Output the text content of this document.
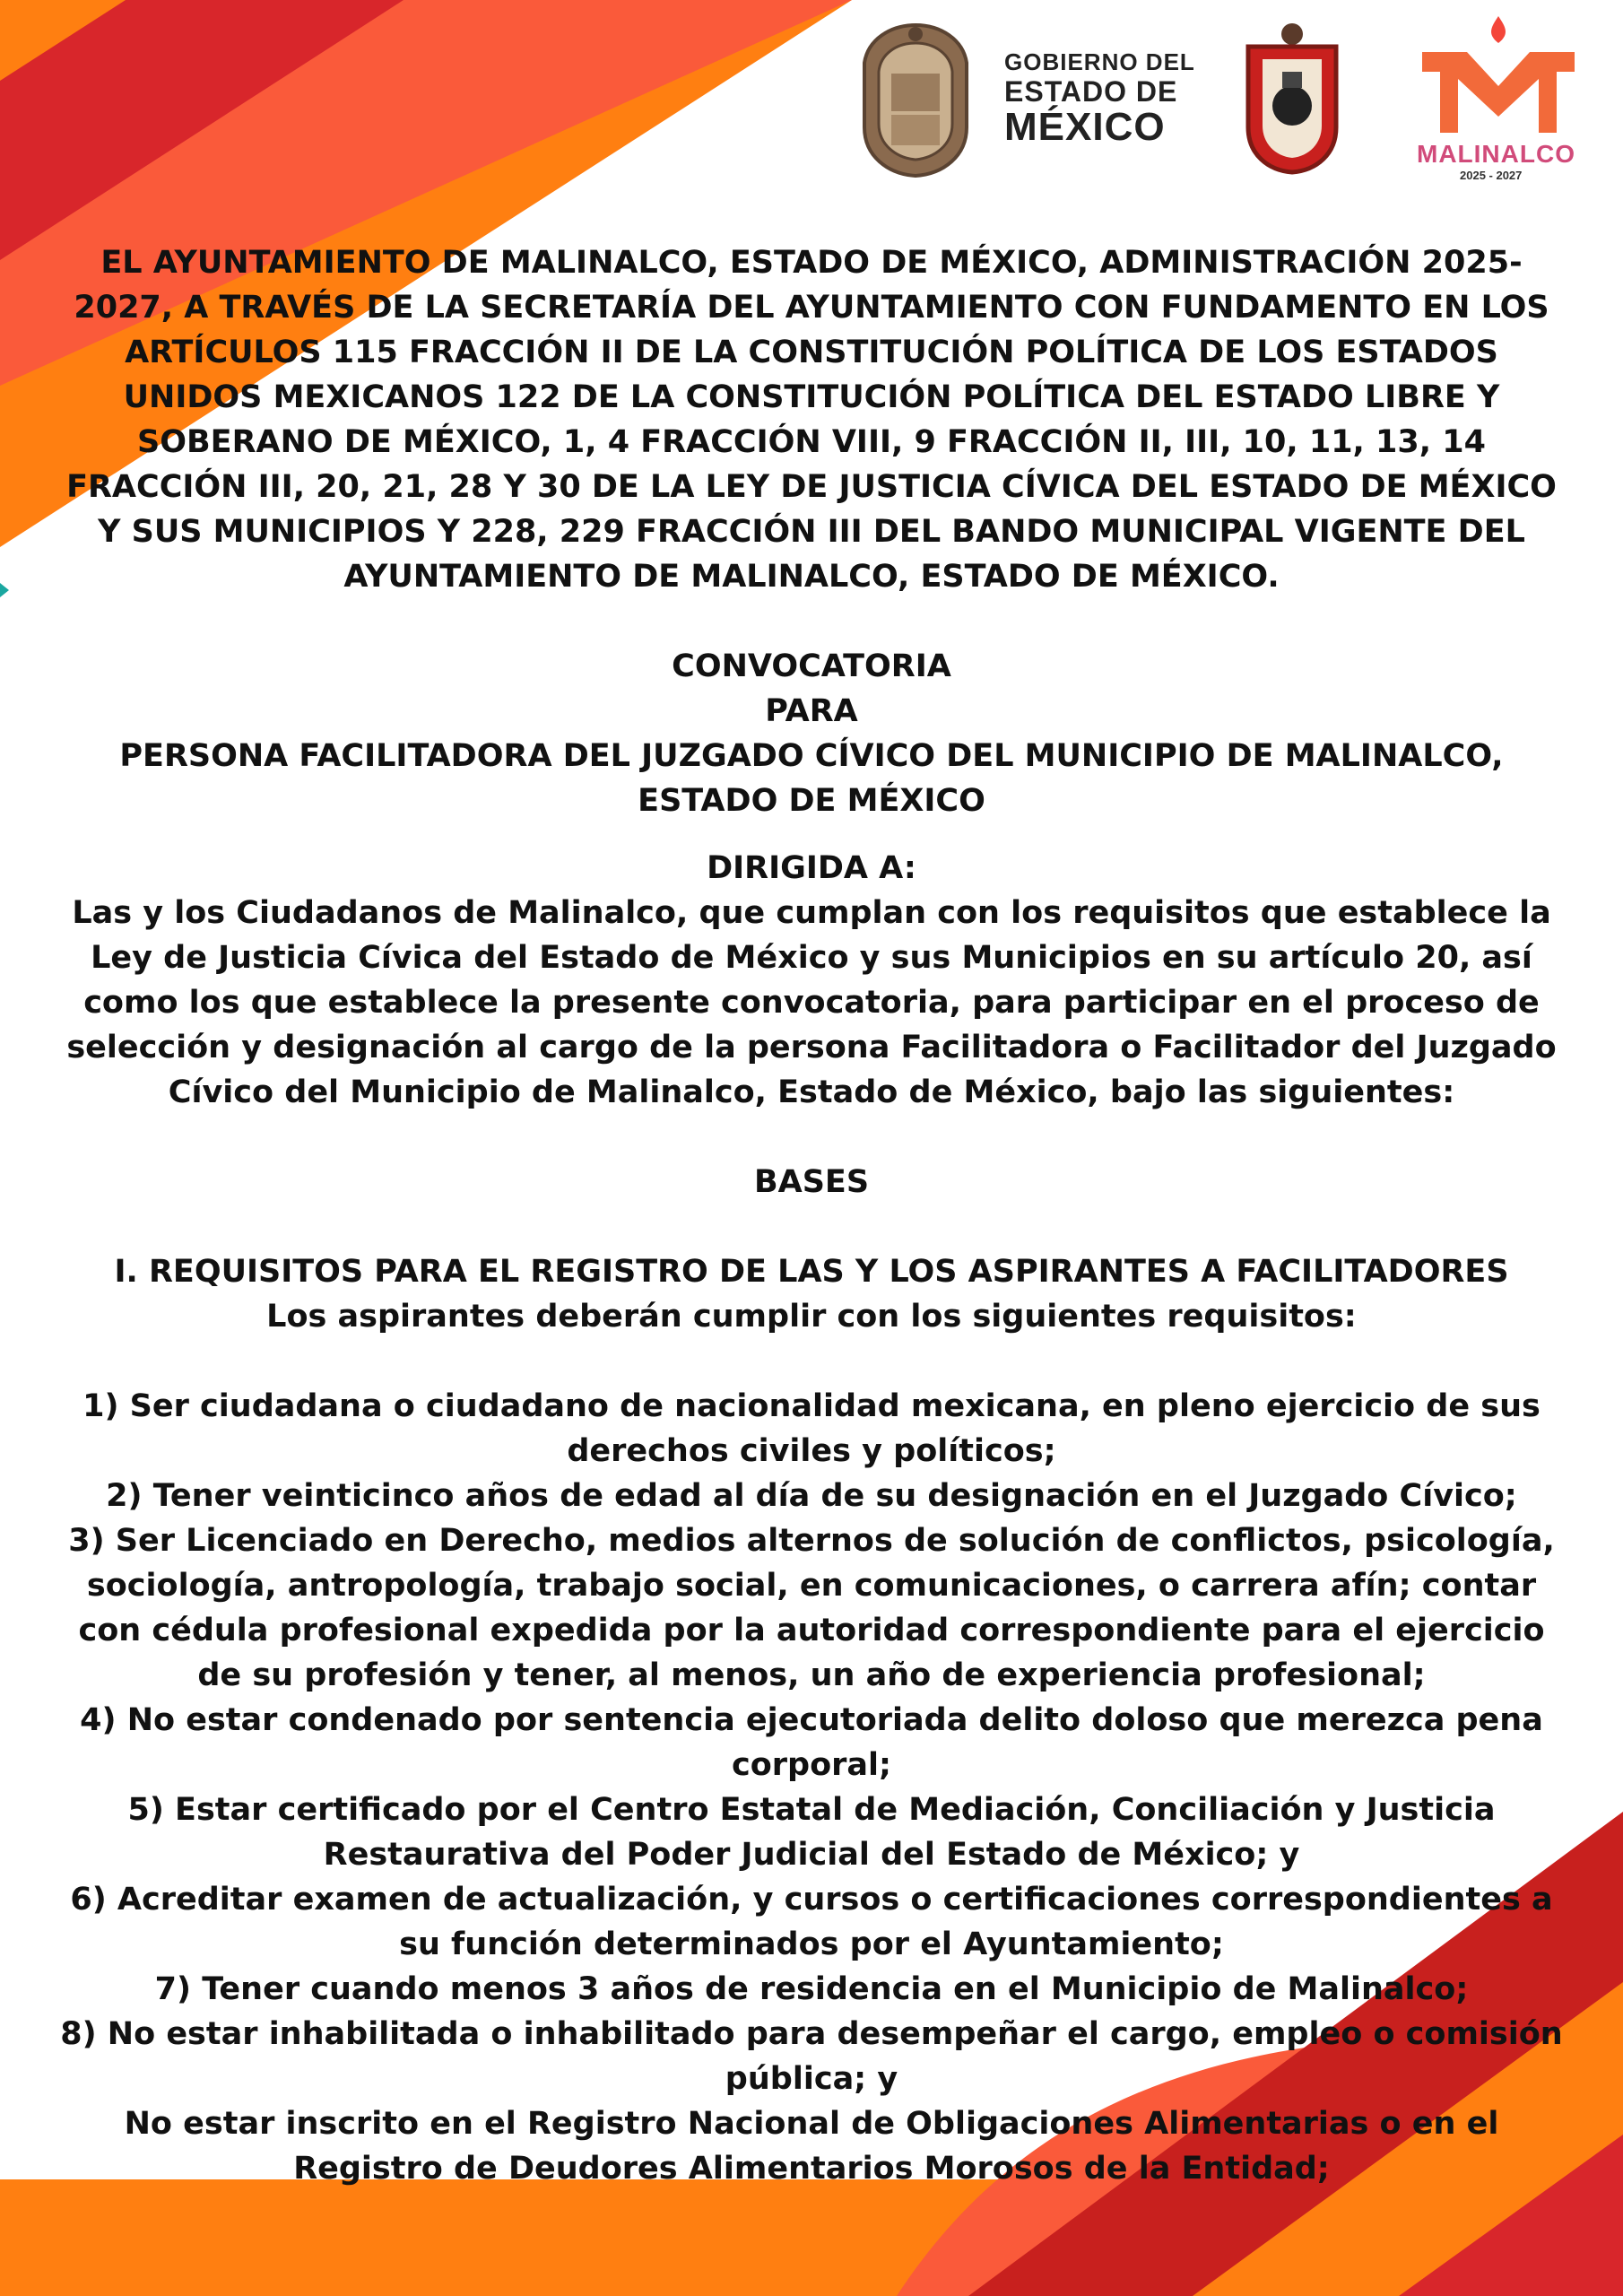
GOBIERNO DEL
ESTADO DE
MÉXICO
MALINALCO
2025 - 2027

EL AYUNTAMIENTO DE MALINALCO, ESTADO DE MÉXICO, ADMINISTRACIÓN 2025-2027, A TRAVÉS DE LA SECRETARÍA DEL AYUNTAMIENTO CON FUNDAMENTO EN LOS ARTÍCULOS 115 FRACCIÓN II DE LA CONSTITUCIÓN POLÍTICA DE LOS ESTADOS UNIDOS MEXICANOS 122 DE LA CONSTITUCIÓN POLÍTICA DEL ESTADO LIBRE Y SOBERANO DE MÉXICO, 1, 4 FRACCIÓN VIII, 9 FRACCIÓN II, III, 10, 11, 13, 14 FRACCIÓN III, 20, 21, 28 Y 30 DE LA LEY DE JUSTICIA CÍVICA DEL ESTADO DE MÉXICO Y SUS MUNICIPIOS Y 228, 229 FRACCIÓN III DEL BANDO MUNICIPAL VIGENTE DEL AYUNTAMIENTO DE MALINALCO, ESTADO DE MÉXICO.

CONVOCATORIA

PARA

PERSONA FACILITADORA DEL JUZGADO CÍVICO DEL MUNICIPIO DE MALINALCO, ESTADO DE MÉXICO

DIRIGIDA A:

Las y los Ciudadanos de Malinalco, que cumplan con los requisitos que establece la Ley de Justicia Cívica del Estado de México y sus Municipios en su artículo 20, así como los que establece la presente convocatoria, para participar en el proceso de selección y designación al cargo de la persona Facilitadora o Facilitador del Juzgado Cívico del Municipio de Malinalco, Estado de México, bajo las siguientes:

BASES

I. REQUISITOS PARA EL REGISTRO DE LAS Y LOS ASPIRANTES A FACILITADORES

Los aspirantes deberán cumplir con los siguientes requisitos:

1) Ser ciudadana o ciudadano de nacionalidad mexicana, en pleno ejercicio de sus derechos civiles y políticos;
2) Tener veinticinco años de edad al día de su designación en el Juzgado Cívico;
3) Ser Licenciado en Derecho, medios alternos de solución de conflictos, psicología, sociología, antropología, trabajo social, en comunicaciones, o carrera afín; contar con cédula profesional expedida por la autoridad correspondiente para el ejercicio de su profesión y tener, al menos, un año de experiencia profesional;
4) No estar condenado por sentencia ejecutoriada delito doloso que merezca pena corporal;
5) Estar certificado por el Centro Estatal de Mediación, Conciliación y Justicia Restaurativa del Poder Judicial del Estado de México; y
6) Acreditar examen de actualización, y cursos o certificaciones correspondientes a su función determinados por el Ayuntamiento;
7) Tener cuando menos 3 años de residencia en el Municipio de Malinalco;
8) No estar inhabilitada o inhabilitado para desempeñar el cargo, empleo o comisión pública; y
No estar inscrito en el Registro Nacional de Obligaciones Alimentarias o en el Registro de Deudores Alimentarios Morosos de la Entidad;
